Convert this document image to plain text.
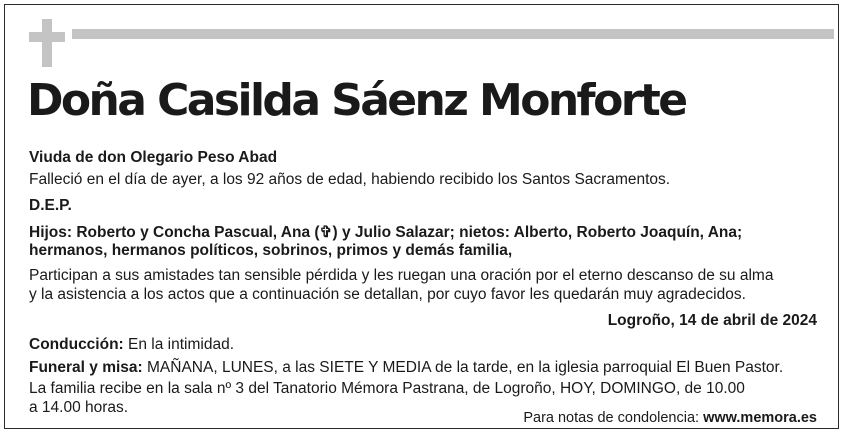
Doña Casilda Sáenz Monforte

Viuda de don Olegario Peso Abad

Falleció en el día de ayer, a los 92 años de edad, habiendo recibido los Santos Sacramentos.

D.E.P.

Hijos: Roberto y Concha Pascual, Ana (✞) y Julio Salazar; nietos: Alberto, Roberto Joaquín, Ana;

hermanos, hermanos políticos, sobrinos, primos y demás familia,

Participan a sus amistades tan sensible pérdida y les ruegan una oración por el eterno descanso de su alma

y la asistencia a los actos que a continuación se detallan, por cuyo favor les quedarán muy agradecidos.

Logroño, 14 de abril de 2024

Conducción: En la intimidad.

Funeral y misa: MAÑANA, LUNES, a las SIETE Y MEDIA de la tarde, en la iglesia parroquial El Buen Pastor.

La familia recibe en la sala nº 3 del Tanatorio Mémora Pastrana, de Logroño, HOY, DOMINGO, de 10.00

a 14.00 horas.

Para notas de condolencia: www.memora.es
